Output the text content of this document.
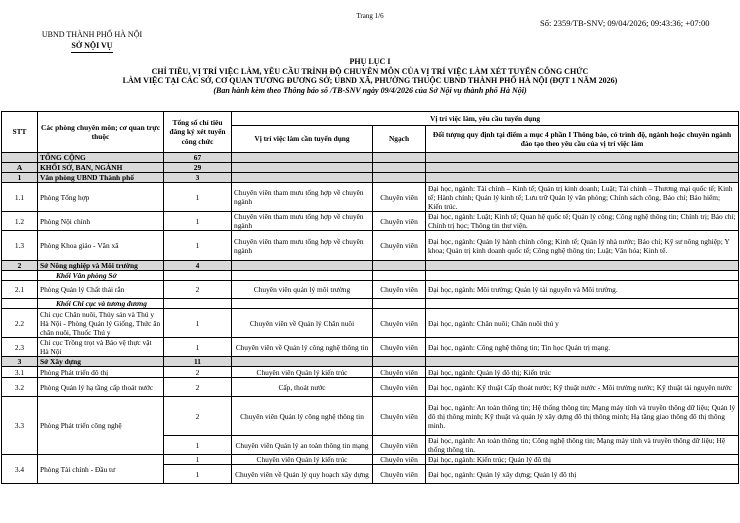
Trang 1/6
Số: 2359/TB-SNV; 09/04/2026; 09:43:36; +07:00
UBND THÀNH PHỐ HÀ NỘI
SỞ NỘI VỤ
PHỤ LỤC I
CHỈ TIÊU, VỊ TRÍ VIỆC LÀM, YÊU CẦU TRÌNH ĐỘ CHUYÊN MÔN CỦA VỊ TRÍ VIỆC LÀM XÉT TUYỂN CÔNG CHỨC
LÀM VIỆC TẠI CÁC SỞ, CƠ QUAN TƯƠNG ĐƯƠNG SỞ; UBND XÃ, PHƯỜNG THUỘC UBND THÀNH PHỐ HÀ NỘI (ĐỢT 1 NĂM 2026)
(Ban hành kèm theo Thông báo số /TB-SNV ngày 09/4/2026 của Sở Nội vụ thành phố Hà Nội)
STT	Các phòng chuyên môn; cơ quan trực thuộc	Tổng số chỉ tiêu đăng ký xét tuyển công chức	Vị trí việc làm, yêu cầu tuyển dụng		
			Vị trí việc làm cần tuyển dụng	Ngạch	Đối tượng quy định tại điểm a mục 4 phần I Thông báo, có trình độ, ngành hoặc chuyên ngành đào tạo theo yêu cầu của vị trí việc làm
	TỔNG CỘNG	67			
A	KHỐI SỞ, BAN, NGÀNH	29			
1	Văn phòng UBND Thành phố	3			
1.1	Phòng Tổng hợp	1	Chuyên viên tham mưu tổng hợp về chuyên ngành	Chuyên viên	Đại học, ngành: Tài chính – Kinh tế; Quản trị kinh doanh; Luật; Tài chính – Thương mại quốc tế; Kinh tế; Hành chính; Quản lý kinh tế; Lưu trữ Quản lý văn phòng; Chính sách công, Báo chí; Bảo hiểm; Kiến trúc.
1.2	Phòng Nội chính	1	Chuyên viên tham mưu tổng hợp về chuyên ngành	Chuyên viên	Đại học, ngành: Luật; Kinh tế; Quan hệ quốc tế; Quản lý công; Công nghệ thông tin; Chính trị; Báo chí; Chính trị học; Thông tin thư viện.
1.3	Phòng Khoa giáo - Văn xã	1	Chuyên viên tham mưu tổng hợp về chuyên ngành	Chuyên viên	Đại học, ngành: Quản lý hành chính công; Kinh tế; Quản lý nhà nước; Báo chí; Kỹ sư nông nghiệp; Y khoa; Quản trị kinh doanh quốc tế; Công nghệ thông tin; Luật; Văn hóa; Kinh tế.
2	Sở Nông nghiệp và Môi trường	4			
	Khối Văn phòng Sở				
2.1	Phòng Quản lý Chất thải rắn	2	Chuyên viên quản lý môi trường	Chuyên viên	Đại học, ngành: Môi trường; Quản lý tài nguyên và Môi trường.
	Khối Chi cục và tương đương				
2.2	Chi cục Chăn nuôi, Thủy sản và Thú y Hà Nội - Phòng Quản lý Giống, Thức ăn chăn nuôi, Thuốc Thú y	1	Chuyên viên về Quản lý Chăn nuôi	Chuyên viên	Đại học, ngành: Chăn nuôi; Chăn nuôi thú y
2.3	Chi cục Trồng trọt và Bảo vệ thực vật Hà Nội	1	Chuyên viên về Quản lý công nghệ thông tin	Chuyên viên	Đại học, ngành: Công nghệ thông tin; Tin học Quản trị mạng.
3	Sở Xây dựng	11			
3.1	Phòng Phát triển đô thị	2	Chuyên viên Quản lý kiến trúc	Chuyên viên	Đại học, ngành: Quản lý đô thị; Kiến trúc
3.2	Phòng Quản lý hạ tầng cấp thoát nước	2	Cấp, thoát nước	Chuyên viên	Đại học, ngành: Kỹ thuật Cấp thoát nước; Kỹ thuật nước - Môi trường nước; Kỹ thuật tài nguyên nước
3.3	Phòng Phát triển công nghệ	2	Chuyên viên Quản lý công nghệ thông tin	Chuyên viên	Đại học, ngành: An toàn thông tin; Hệ thống thông tin; Mạng máy tính và truyền thông dữ liệu; Quản lý đô thị thông minh; Kỹ thuật và quản lý xây dựng đô thị thông minh; Hạ tầng giao thông đô thị thông minh.
		1	Chuyên viên Quản lý an toàn thông tin mạng	Chuyên viên	Đại học, ngành: An toàn thông tin; Công nghệ thông tin; Mạng máy tính và truyền thông dữ liệu; Hệ thống thông tin.
3.4	Phòng Tài chính - Đầu tư	1	Chuyên viên Quản lý kiến trúc	Chuyên viên	Đại học, ngành: Kiến trúc; Quản lý đô thị
		1	Chuyên viên về Quản lý quy hoạch xây dựng	Chuyên viên	Đại học, ngành: Quản lý xây dựng; Quản lý đô thị
